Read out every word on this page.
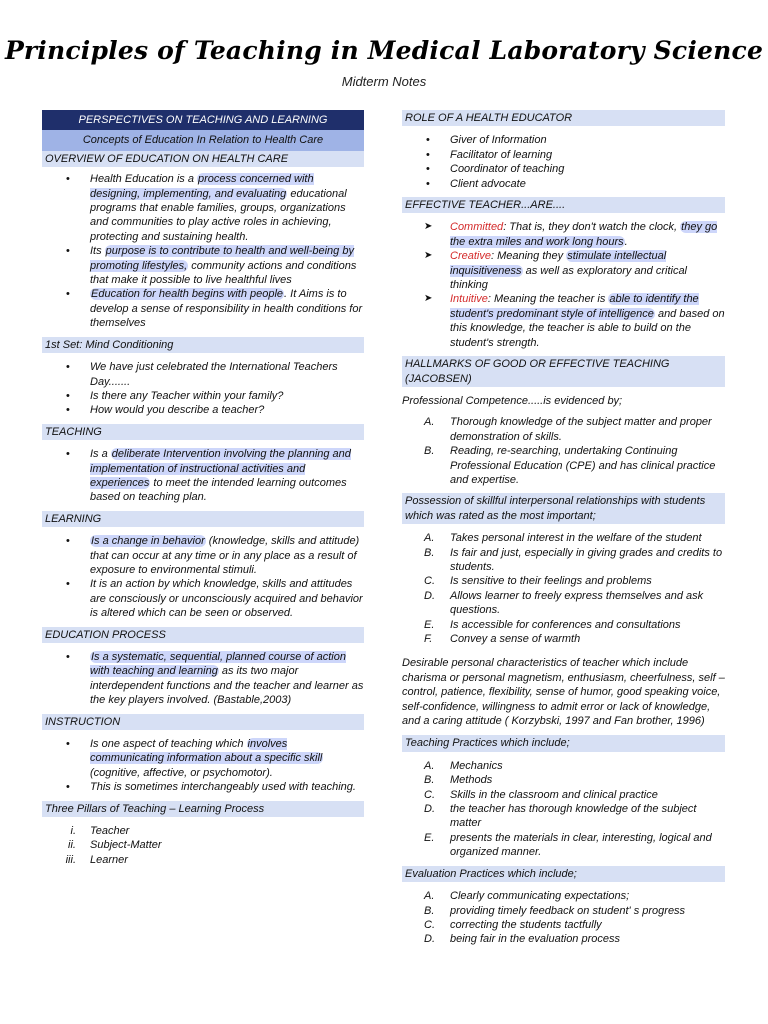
Principles of Teaching in Medical Laboratory Science
Midterm Notes
PERSPECTIVES ON TEACHING AND LEARNING
Concepts of Education In Relation to Health Care
OVERVIEW OF EDUCATION ON HEALTH CARE
• Health Education is a process concerned with designing, implementing, and evaluating educational programs that enable families, groups, organizations and communities to play active roles in achieving, protecting and sustaining health.
• Its purpose is to contribute to health and well-being by promoting lifestyles, community actions and conditions that make it possible to live healthful lives
• Education for health begins with people. It Aims is to develop a sense of responsibility in health conditions for themselves
1st Set: Mind Conditioning
• We have just celebrated the International Teachers Day.......
• Is there any Teacher within your family?
• How would you describe a teacher?
TEACHING
• Is a deliberate Intervention involving the planning and implementation of instructional activities and experiences to meet the intended learning outcomes based on teaching plan.
LEARNING
• Is a change in behavior (knowledge, skills and attitude) that can occur at any time or in any place as a result of exposure to environmental stimuli.
• It is an action by which knowledge, skills and attitudes are consciously or unconsciously acquired and behavior is altered which can be seen or observed.
EDUCATION PROCESS
• Is a systematic, sequential, planned course of action with teaching and learning as its two major interdependent functions and the teacher and learner as the key players involved. (Bastable,2003)
INSTRUCTION
• Is one aspect of teaching which involves communicating information about a specific skill (cognitive, affective, or psychomotor).
• This is sometimes interchangeably used with teaching.
Three Pillars of Teaching – Learning Process
i. Teacher
ii. Subject-Matter
iii. Learner
ROLE OF A HEALTH EDUCATOR
• Giver of Information
• Facilitator of learning
• Coordinator of teaching
• Client advocate
EFFECTIVE TEACHER...ARE....
➤ Committed: That is, they don't watch the clock, they go the extra miles and work long hours.
➤ Creative: Meaning they stimulate intellectual inquisitiveness as well as exploratory and critical thinking
➤ Intuitive: Meaning the teacher is able to identify the student's predominant style of intelligence and based on this knowledge, the teacher is able to build on the student's strength.
HALLMARKS OF GOOD OR EFFECTIVE TEACHING (JACOBSEN)

Professional Competence.....is evidenced by;

A.	Thorough knowledge of the subject matter and proper demonstration of skills.
B.	Reading, re-searching, undertaking Continuing Professional Education (CPE) and has clinical practice and expertise.
Possession of skillful interpersonal relationships with students which was rated as the most important;
A.	Takes personal interest in the welfare of the student
B.	Is fair and just, especially in giving grades and credits to students.
C.	Is sensitive to their feelings and problems
D.	Allows learner to freely express themselves and ask questions.
E.	Is accessible for conferences and consultations
F.	Convey a sense of warmth

Desirable personal characteristics of teacher which include charisma or personal magnetism, enthusiasm, cheerfulness, self – control, patience, flexibility, sense of humor, good speaking voice, self-confidence, willingness to admit error or lack of knowledge, and a caring attitude ( Korzybski, 1997 and Fan brother, 1996)

Teaching Practices which include;
A.	Mechanics
B.	Methods
C.	Skills in the classroom and clinical practice
D.	the teacher has thorough knowledge of the subject matter
E.	presents the materials in clear, interesting, logical and organized manner.
Evaluation Practices which include;
A.	Clearly communicating expectations;
B.	providing timely feedback on student' s progress
C.	correcting the students tactfully
D.	being fair in the evaluation process
